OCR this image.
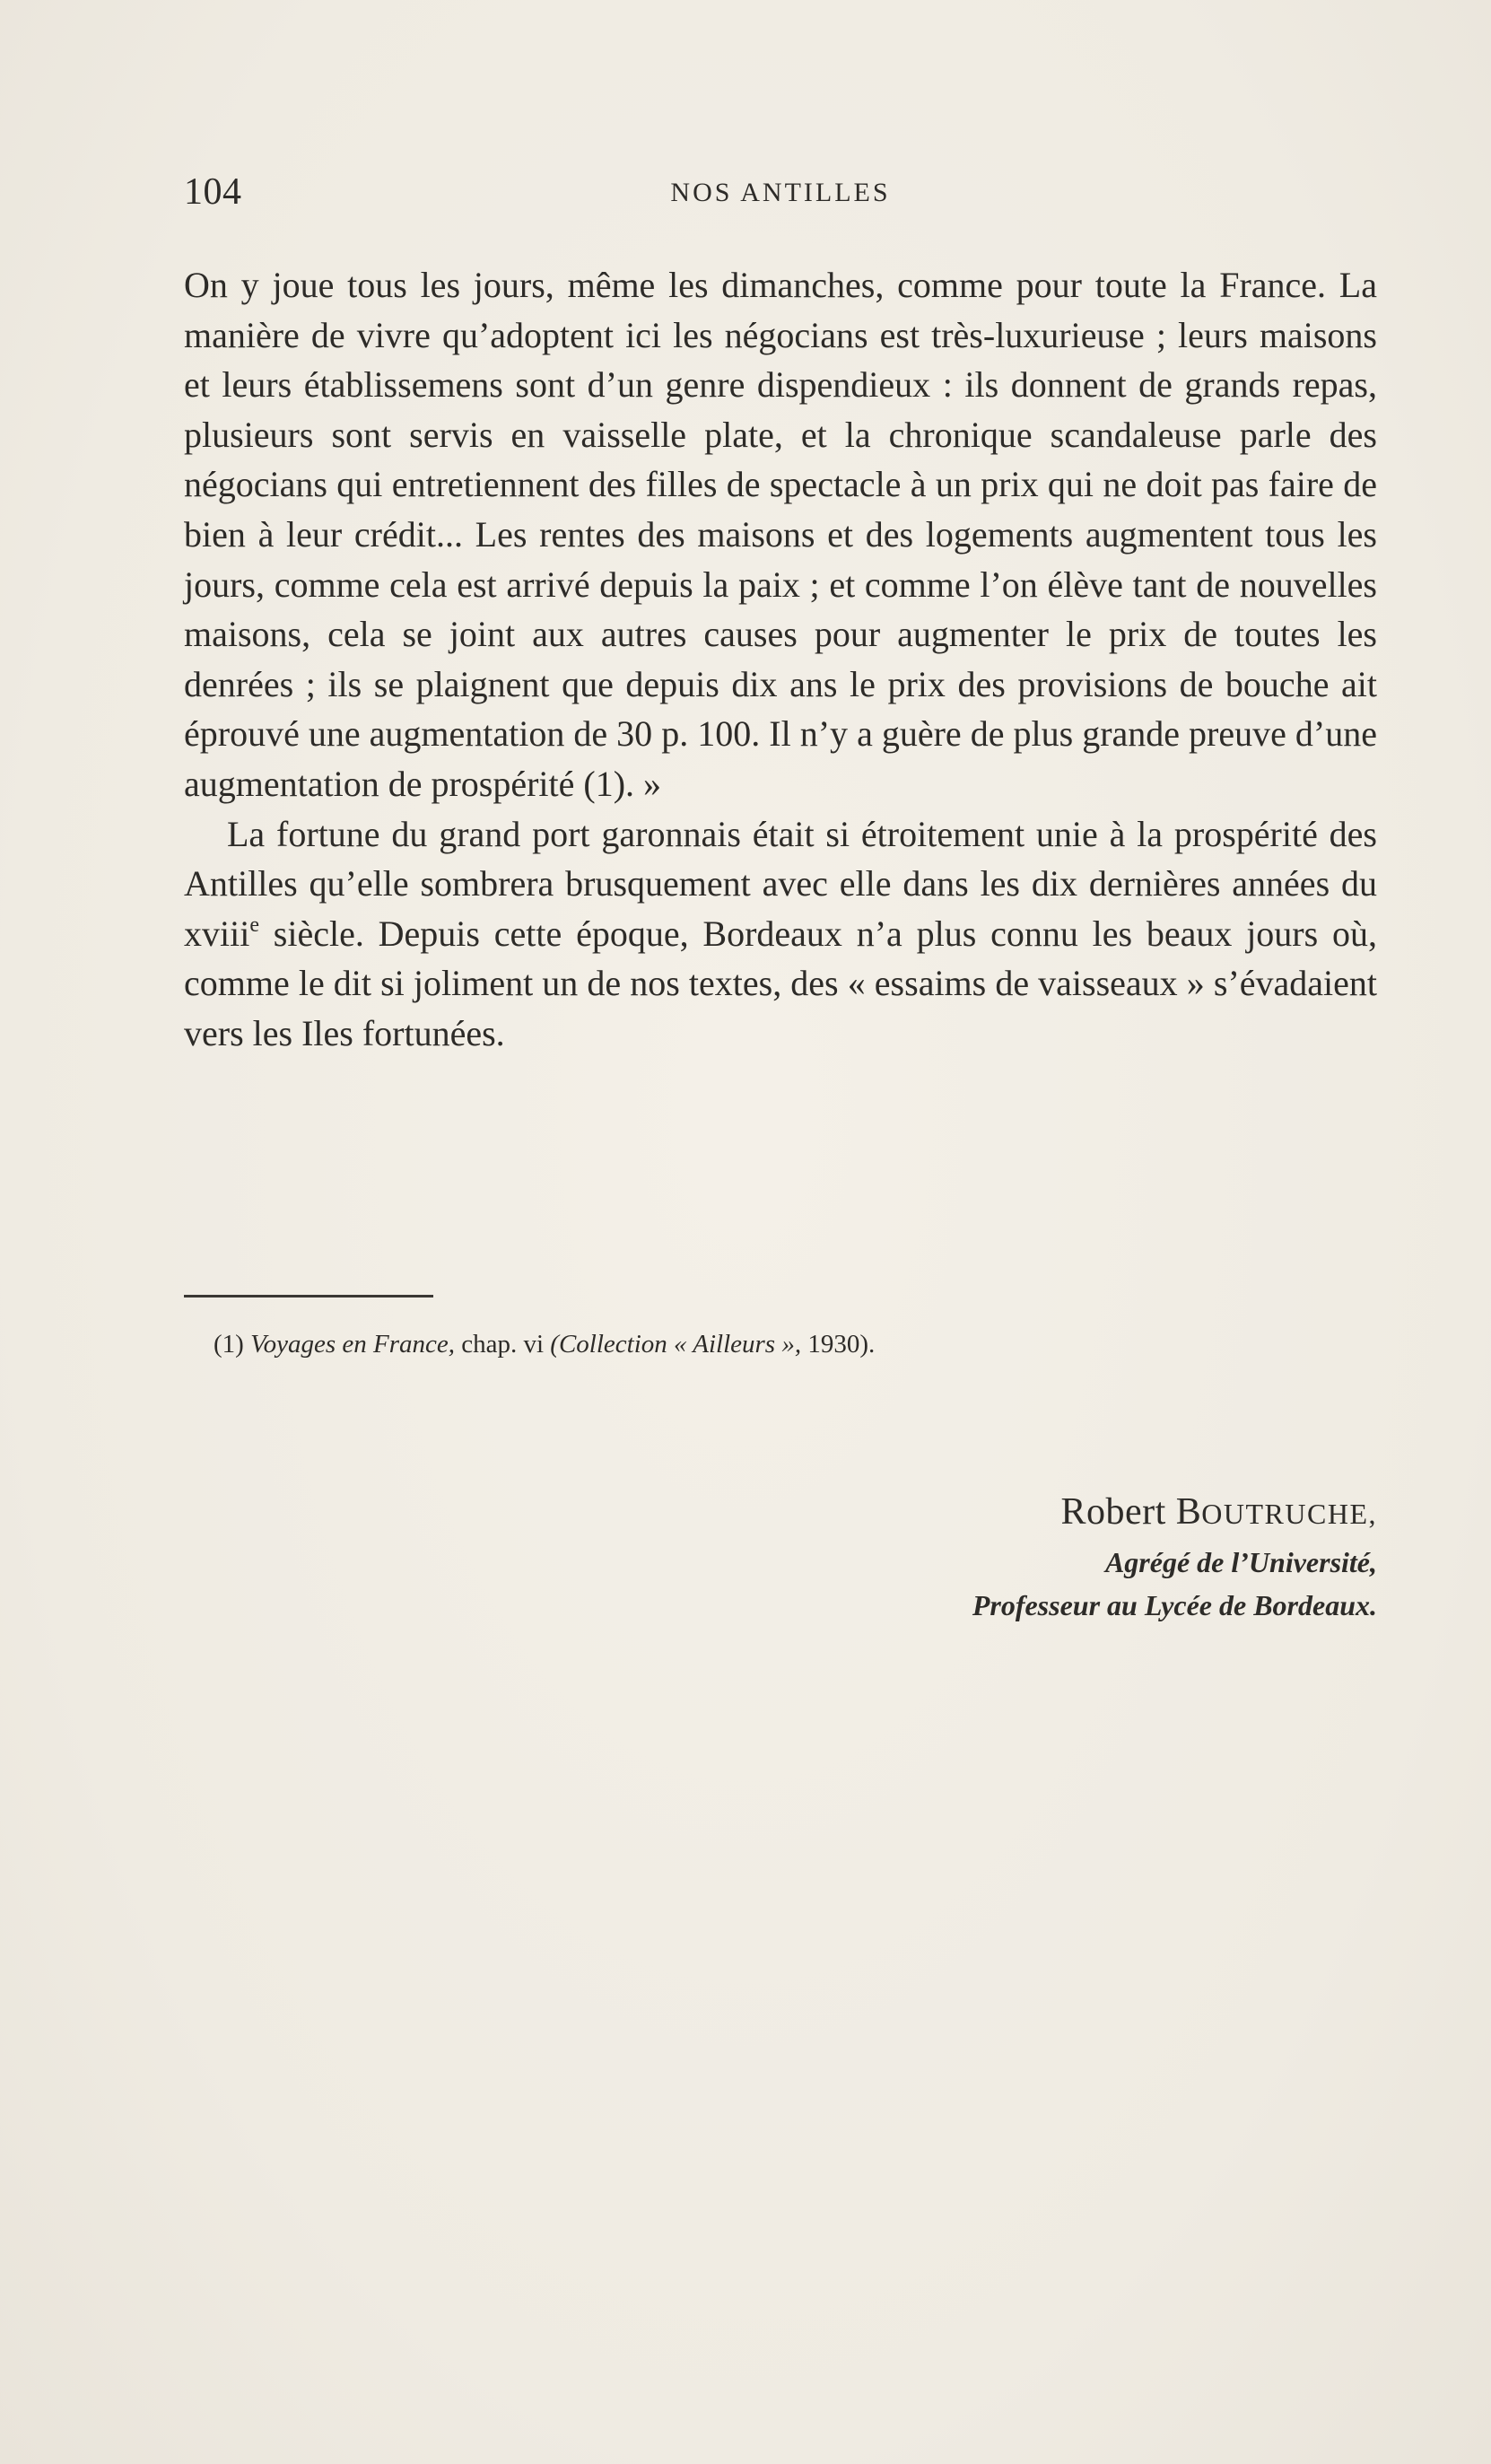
104	NOS ANTILLES

On y joue tous les jours, même les dimanches, comme pour toute la France. La manière de vivre qu’adoptent ici les négocians est très-luxurieuse ; leurs maisons et leurs établissemens sont d’un genre dispendieux : ils donnent de grands repas, plusieurs sont servis en vaisselle plate, et la chronique scandaleuse parle des négocians qui entretiennent des filles de spectacle à un prix qui ne doit pas faire de bien à leur crédit... Les rentes des maisons et des logements augmentent tous les jours, comme cela est arrivé depuis la paix ; et comme l’on élève tant de nouvelles maisons, cela se joint aux autres causes pour augmenter le prix de toutes les denrées ; ils se plaignent que depuis dix ans le prix des provisions de bouche ait éprouvé une augmentation de 30 p. 100. Il n’y a guère de plus grande preuve d’une augmentation de prospérité (1). »

La fortune du grand port garonnais était si étroitement unie à la prospérité des Antilles qu’elle sombrera brusquement avec elle dans les dix dernières années du xviii$^e$ siècle. Depuis cette époque, Bordeaux n’a plus connu les beaux jours où, comme le dit si joliment un de nos textes, des « essaims de vaisseaux » s’évadaient vers les Iles fortunées.

(1) Voyages en France, chap. vi (Collection « Ailleurs », 1930).
Robert BOUTRUCHE,
Agrégé de l’Université,
Professeur au Lycée de Bordeaux.
